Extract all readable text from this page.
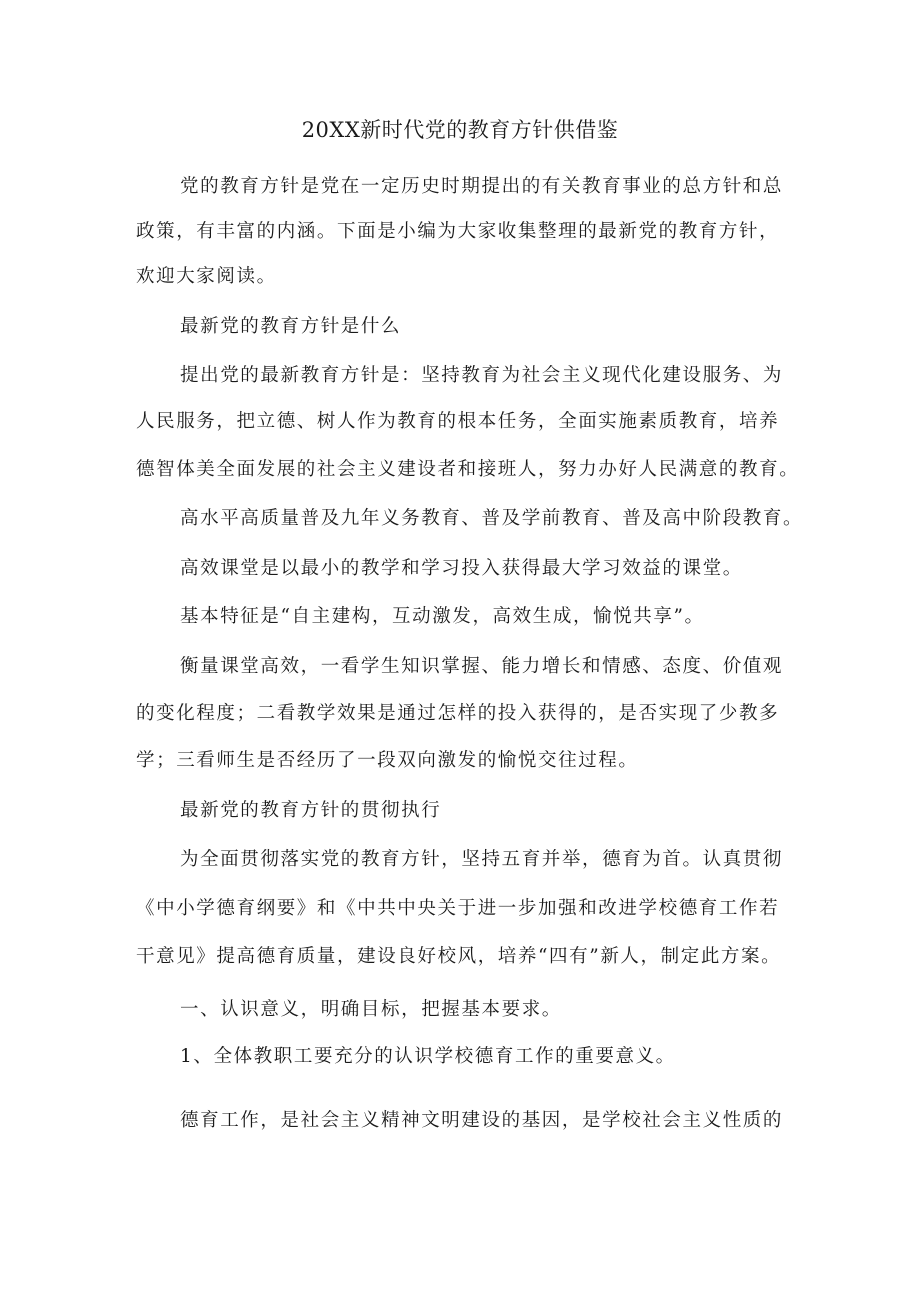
20XX新时代党的教育方针供借鉴
党的教育方针是党在一定历史时期提出的有关教育事业的总方针和总
政策，有丰富的内涵。下面是小编为大家收集整理的最新党的教育方针，
欢迎大家阅读。
最新党的教育方针是什么
提出党的最新教育方针是：坚持教育为社会主义现代化建设服务、为
人民服务，把立德、树人作为教育的根本任务，全面实施素质教育，培养
德智体美全面发展的社会主义建设者和接班人，努力办好人民满意的教育。
高水平高质量普及九年义务教育、普及学前教育、普及高中阶段教育。
高效课堂是以最小的教学和学习投入获得最大学习效益的课堂。
基本特征是“自主建构，互动激发，高效生成，愉悦共享”。
衡量课堂高效，一看学生知识掌握、能力增长和情感、态度、价值观
的变化程度；二看教学效果是通过怎样的投入获得的，是否实现了少教多
学；三看师生是否经历了一段双向激发的愉悦交往过程。
最新党的教育方针的贯彻执行
为全面贯彻落实党的教育方针，坚持五育并举，德育为首。认真贯彻
《中小学德育纲要》和《中共中央关于进一步加强和改进学校德育工作若
干意见》提高德育质量，建设良好校风，培养“四有”新人，制定此方案。
一、认识意义，明确目标，把握基本要求。
1、全体教职工要充分的认识学校德育工作的重要意义。
德育工作，是社会主义精神文明建设的基因，是学校社会主义性质的
